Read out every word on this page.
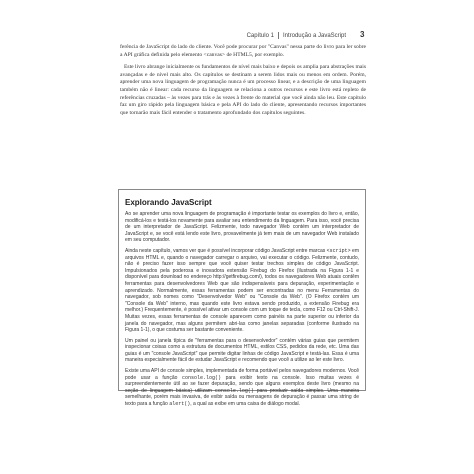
Capítulo 1 Introdução a JavaScript 3

ferência de JavaScript do lado do cliente. Você pode procurar por "Canvas" nessa parte do livro para ler sobre a API gráfica definida pelo elemento <canvas> de HTML5, por exemplo.

Este livro abrange inicialmente os fundamentos de nível mais baixo e depois os amplia para abstrações mais avançadas e de nível mais alto. Os capítulos se destinam a serem lidos mais ou menos em ordem. Porém, aprender uma nova linguagem de programação nunca é um processo linear, e a descrição de uma linguagem também não é linear: cada recurso da linguagem se relaciona a outros recursos e este livro está repleto de referências cruzadas – às vezes para trás e às vezes à frente do material que você ainda não leu. Este capítulo faz um giro rápido pela linguagem básica e pela API do lado do cliente, apresentando recursos importantes que tornarão mais fácil entender o tratamento aprofundado dos capítulos seguintes.

Explorando JavaScript

Ao se aprender uma nova linguagem de programação é importante testar os exemplos do livro e, então, modificá-los e testá-los novamente para avaliar seu entendimento da linguagem. Para isso, você precisa de um interpretador de JavaScript. Felizmente, todo navegador Web contém um interpretador de JavaScript e, se você está lendo este livro, provavelmente já tem mais de um navegador Web instalado em seu computador.

Ainda neste capítulo, vamos ver que é possível incorporar código JavaScript entre marcas <script> em arquivos HTML e, quando o navegador carregar o arquivo, vai executar o código. Felizmente, contudo, não é preciso fazer isso sempre que você quiser testar trechos simples de código JavaScript. Impulsionados pela poderosa e inovadora extensão Firebug do Firefox (ilustrada na Figura 1-1 e disponível para download no endereço http://getfirebug.com/), todos os navegadores Web atuais contêm ferramentas para desenvolvedores Web que são indispensáveis para depuração, experimentação e aprendizado. Normalmente, essas ferramentas podem ser encontradas no menu Ferramentas do navegador, sob nomes como "Desenvolvedor Web" ou "Console da Web". (O Firefox contém um "Console da Web" interno, mas quando este livro estava sendo produzido, a extensão Firebug era melhor.) Frequentemente, é possível ativar um console com um toque de tecla, como F12 ou Ctrl-Shift-J. Muitas vezes, essas ferramentas de console aparecem como painéis na parte superior ou inferior da janela do navegador, mas alguns permitem abri-las como janelas separadas (conforme ilustrado na Figura 1-1), o que costuma ser bastante conveniente.

Um painel ou janela típica de "ferramentas para o desenvolvedor" contém várias guias que permitem inspecionar coisas como a estrutura de documentos HTML, estilos CSS, pedidos da rede, etc. Uma das guias é um "console JavaScript" que permite digitar linhas de código JavaScript e testá-las. Essa é uma maneira especialmente fácil de estudar JavaScript e recomendo que você a utilize ao ler este livro.

Existe uma API de console simples, implementada de forma portável pelos navegadores modernos. Você pode usar a função console.log() para exibir texto na console. Isso muitas vezes é surpreendentemente útil ao se fazer depuração, sendo que alguns exemplos deste livro (mesmo na seção de linguagem básica) utilizam console.log() para produzir saída simples. Uma maneira semelhante, porém mais invasiva, de exibir saída ou mensagens de depuração é passar uma string de texto para a função alert(), a qual as exibe em uma caixa de diálogo modal.
